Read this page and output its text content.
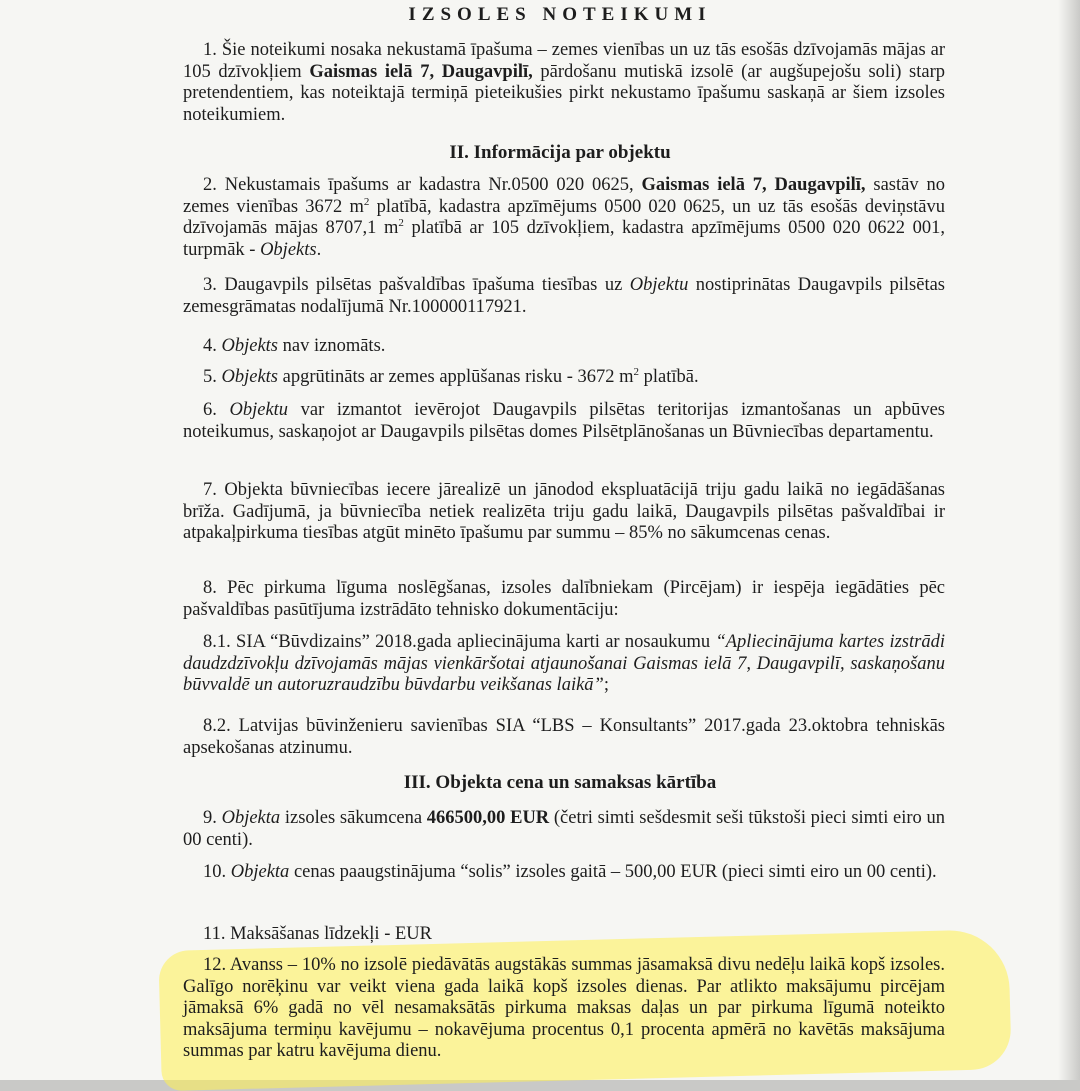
IZSOLES NOTEIKUMI
1. Šie noteikumi nosaka nekustamā īpašuma – zemes vienības un uz tās esošās dzīvojamās mājas ar 105 dzīvokļiem Gaismas ielā 7, Daugavpilī, pārdošanu mutiskā izsolē (ar augšupejošu soli) starp pretendentiem, kas noteiktajā termiņā pieteikušies pirkt nekustamo īpašumu saskaņā ar šiem izsoles noteikumiem.
II. Informācija par objektu
2. Nekustamais īpašums ar kadastra Nr.0500 020 0625, Gaismas ielā 7, Daugavpilī, sastāv no zemes vienības 3672 $m^2$ platībā, kadastra apzīmējums 0500 020 0625, un uz tās esošās deviņstāvu dzīvojamās mājas 8707,1 $m^2$ platībā ar 105 dzīvokļiem, kadastra apzīmējums 0500 020 0622 001, turpmāk - Objekts.
3. Daugavpils pilsētas pašvaldības īpašuma tiesības uz Objektu nostiprinātas Daugavpils pilsētas zemesgrāmatas nodalījumā Nr.100000117921.
4. Objekts nav iznomāts.
5. Objekts apgrūtināts ar zemes applūšanas risku - 3672 $m^2$ platībā.
6. Objektu var izmantot ievērojot Daugavpils pilsētas teritorijas izmantošanas un apbūves noteikumus, saskaņojot ar Daugavpils pilsētas domes Pilsētplānošanas un Būvniecības departamentu.
7. Objekta būvniecības iecere jārealizē un jānodod ekspluatācijā triju gadu laikā no iegādāšanas brīža. Gadījumā, ja būvniecība netiek realizēta triju gadu laikā, Daugavpils pilsētas pašvaldībai ir atpakaļpirkuma tiesības atgūt minēto īpašumu par summu – 85% no sākumcenas cenas.
8. Pēc pirkuma līguma noslēgšanas, izsoles dalībniekam (Pircējam) ir iespēja iegādāties pēc pašvaldības pasūtījuma izstrādāto tehnisko dokumentāciju:
8.1. SIA “Būvdizains” 2018.gada apliecinājuma karti ar nosaukumu “Apliecinājuma kartes izstrādi daudzdzīvokļu dzīvojamās mājas vienkāršotai atjaunošanai Gaismas ielā 7, Daugavpilī, saskaņošanu būvvaldē un autoruzraudzību būvdarbu veikšanas laikā”;
8.2. Latvijas būvinženieru savienības SIA “LBS – Konsultants” 2017.gada 23.oktobra tehniskās apsekošanas atzinumu.
III. Objekta cena un samaksas kārtība
9. Objekta izsoles sākumcena 466500,00 EUR (četri simti sešdesmit seši tūkstoši pieci simti eiro un 00 centi).
10. Objekta cenas paaugstinājuma “solis” izsoles gaitā – 500,00 EUR (pieci simti eiro un 00 centi).
11. Maksāšanas līdzekļi - EUR
12. Avanss – 10% no izsolē piedāvātās augstākās summas jāsamaksā divu nedēļu laikā kopš izsoles. Galīgo norēķinu var veikt viena gada laikā kopš izsoles dienas. Par atlikto maksājumu pircējam jāmaksā 6% gadā no vēl nesamaksātās pirkuma maksas daļas un par pirkuma līgumā noteikto maksājuma termiņu kavējumu – nokavējuma procentus 0,1 procenta apmērā no kavētās maksājuma summas par katru kavējuma dienu.
